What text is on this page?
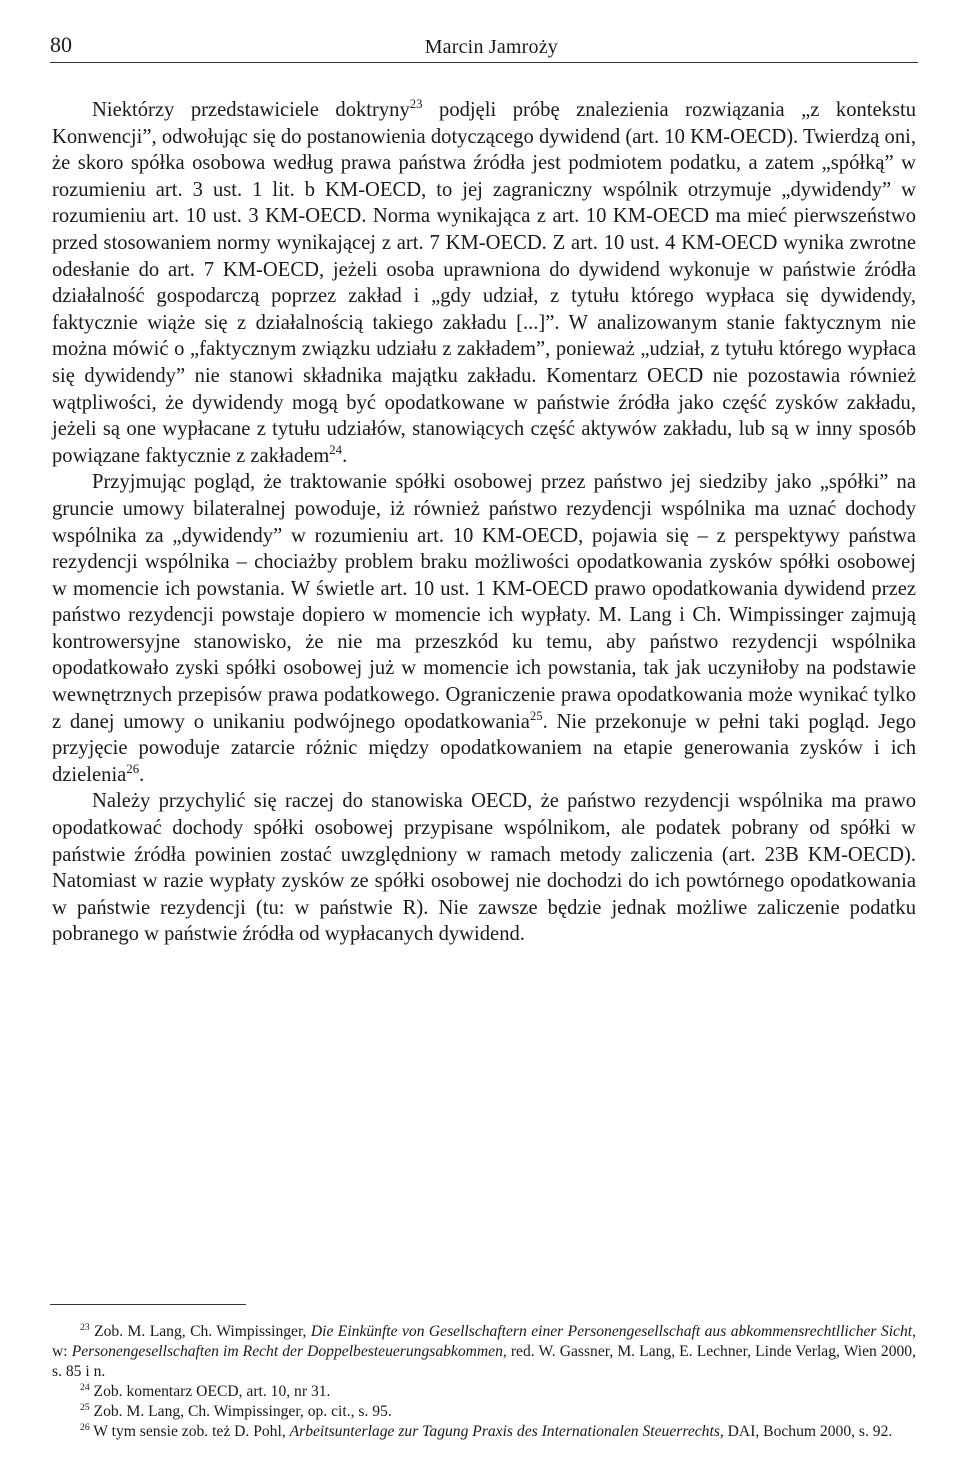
80	Marcin Jamroży

Niektórzy przedstawiciele doktryny$^{23}$ podjęli próbę znalezienia rozwiązania „z kontekstu Konwencji”, odwołując się do postanowienia dotyczącego dywidend (art. 10 KM-OECD). Twierdzą oni, że skoro spółka osobowa według prawa państwa źródła jest podmiotem podatku, a zatem „spółką” w rozumieniu art. 3 ust. 1 lit. b KM-OECD, to jej zagraniczny wspólnik otrzymuje „dywidendy” w rozumieniu art. 10 ust. 3 KM-OECD. Norma wynikająca z art. 10 KM-OECD ma mieć pierwszeństwo przed stosowaniem normy wynikającej z art. 7 KM-OECD. Z art. 10 ust. 4 KM-OECD wynika zwrotne odesłanie do art. 7 KM-OECD, jeżeli osoba uprawniona do dywidend wykonuje w państwie źródła działalność gospodarczą poprzez zakład i „gdy udział, z tytułu którego wypłaca się dywidendy, faktycznie wiąże się z działalnością takiego zakładu [...]”. W analizowanym stanie faktycznym nie można mówić o „faktycznym związku udziału z zakładem”, ponieważ „udział, z tytułu którego wypłaca się dywidendy” nie stanowi składnika majątku zakładu. Komentarz OECD nie pozostawia również wątpliwości, że dywidendy mogą być opodatkowane w państwie źródła jako część zysków zakładu, jeżeli są one wypłacane z tytułu udziałów, stanowiących część aktywów zakładu, lub są w inny sposób powiązane faktycznie z zakładem$^{24}$.

Przyjmując pogląd, że traktowanie spółki osobowej przez państwo jej siedziby jako „spółki” na gruncie umowy bilateralnej powoduje, iż również państwo rezydencji wspólnika ma uznać dochody wspólnika za „dywidendy” w rozumieniu art. 10 KM-OECD, pojawia się – z perspektywy państwa rezydencji wspólnika – chociażby problem braku możliwości opodatkowania zysków spółki osobowej w momencie ich powstania. W świetle art. 10 ust. 1 KM-OECD prawo opodatkowania dywidend przez państwo rezydencji powstaje dopiero w momencie ich wypłaty. M. Lang i Ch. Wimpissinger zajmują kontrowersyjne stanowisko, że nie ma przeszkód ku temu, aby państwo rezydencji wspólnika opodatkowało zyski spółki osobowej już w momencie ich powstania, tak jak uczyniłoby na podstawie wewnętrznych przepisów prawa podatkowego. Ograniczenie prawa opodatkowania może wynikać tylko z danej umowy o unikaniu podwójnego opodatkowania$^{25}$. Nie przekonuje w pełni taki pogląd. Jego przyjęcie powoduje zatarcie różnic między opodatkowaniem na etapie generowania zysków i ich dzielenia$^{26}$.

Należy przychylić się raczej do stanowiska OECD, że państwo rezydencji wspólnika ma prawo opodatkować dochody spółki osobowej przypisane wspólnikom, ale podatek pobrany od spółki w państwie źródła powinien zostać uwzględniony w ramach metody zaliczenia (art. 23B KM-OECD). Natomiast w razie wypłaty zysków ze spółki osobowej nie dochodzi do ich powtórnego opodatkowania w państwie rezydencji (tu: w państwie R). Nie zawsze będzie jednak możliwe zaliczenie podatku pobranego w państwie źródła od wypłacanych dywidend.

$^{23}$ Zob. M. Lang, Ch. Wimpissinger, Die Einkünfte von Gesellschaftern einer Personengesellschaft aus abkommensrechtllicher Sicht, w: Personengesellschaften im Recht der Doppelbesteuerungsabkommen, red. W. Gassner, M. Lang, E. Lechner, Linde Verlag, Wien 2000, s. 85 i n.

$^{24}$ Zob. komentarz OECD, art. 10, nr 31.

$^{25}$ Zob. M. Lang, Ch. Wimpissinger, op. cit., s. 95.

$^{26}$ W tym sensie zob. też D. Pohl, Arbeitsunterlage zur Tagung Praxis des Internationalen Steuerrechts, DAI, Bochum 2000, s. 92.
